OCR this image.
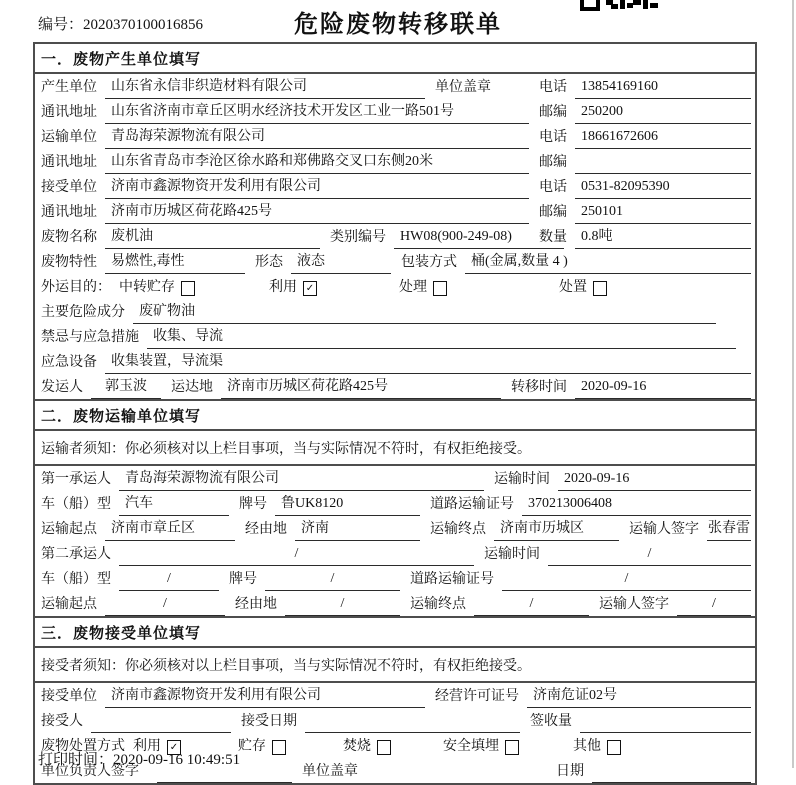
编号：2020370100016856	危险废物转移联单
一．废物产生单位填写
产生单位	山东省永信非织造材料有限公司	单位盖章	电话	13854169160
通讯地址	山东省济南市章丘区明水经济技术开发区工业一路501号	邮编	250200
运输单位	青岛海荣源物流有限公司	电话	18661672606
通讯地址	山东省青岛市李沧区徐水路和郑佛路交叉口东侧20米	邮编
接受单位	济南市鑫源物资开发利用有限公司	电话	0531-82095390
通讯地址	济南市历城区荷花路425号	邮编	250101
废物名称	废机油	类别编号	HW08(900-249-08)	数量	0.8吨
废物特性	易燃性,毒性	形态	液态	包装方式	桶(金属,数量 4 )
外运目的： 中转贮存	利用 ✓	处理	处置
主要危险成分	废矿物油
禁忌与应急措施	收集、导流
应急设备	收集装置，导流渠
发运人	郭玉波	运达地	济南市历城区荷花路425号	转移时间	2020-09-16
二．废物运输单位填写
运输者须知：你必须核对以上栏目事项，当与实际情况不符时，有权拒绝接受。
第一承运人	青岛海荣源物流有限公司	运输时间	2020-09-16
车（船）型	汽车	牌号	鲁UK8120	道路运输证号	370213006408
运输起点	济南市章丘区	经由地	济南	运输终点	济南市历城区	运输人签字 张春雷
第二承运人	/	运输时间	/
车（船）型	/	牌号	/	道路运输证号	/
运输起点	/	经由地	/	运输终点	/	运输人签字	/
三．废物接受单位填写
接受者须知：你必须核对以上栏目事项，当与实际情况不符时，有权拒绝接受。
接受单位	济南市鑫源物资开发利用有限公司	经营许可证号	济南危证02号
接受人	接受日期	签收量
废物处置方式 利用 ✓	贮存	焚烧	安全填埋	其他
单位负责人签字	单位盖章	日期
打印时间：2020-09-16 10:49:51
